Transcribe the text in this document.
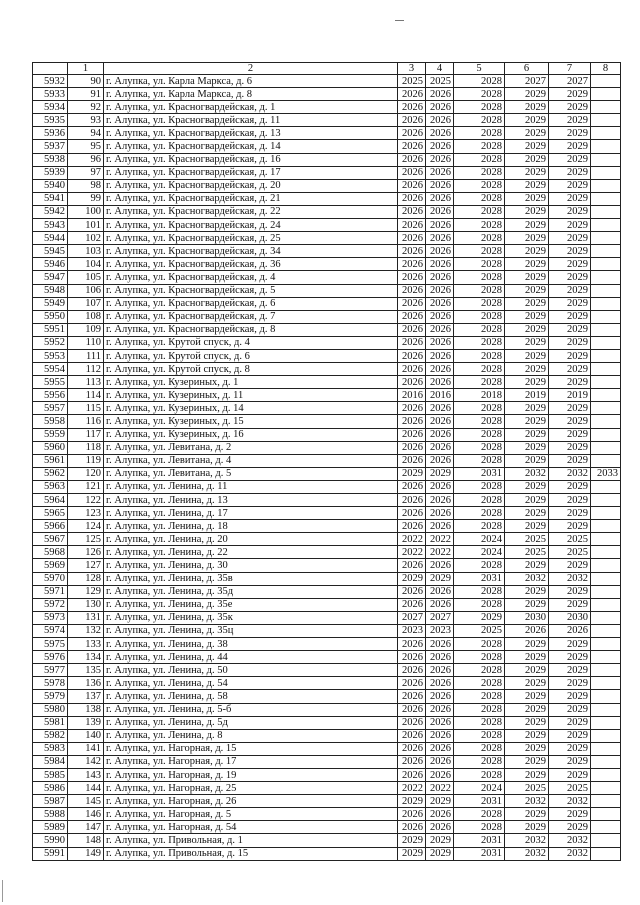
	1	2	3	4	5	6	7	8
5932	90	г. Алупка, ул. Карла Маркса, д. 6	2025	2025	2028	2027	2027	
5933	91	г. Алупка, ул. Карла Маркса, д. 8	2026	2026	2028	2029	2029	
5934	92	г. Алупка, ул. Красногвардейская, д. 1	2026	2026	2028	2029	2029	
5935	93	г. Алупка, ул. Красногвардейская, д. 11	2026	2026	2028	2029	2029	
5936	94	г. Алупка, ул. Красногвардейская, д. 13	2026	2026	2028	2029	2029	
5937	95	г. Алупка, ул. Красногвардейская, д. 14	2026	2026	2028	2029	2029	
5938	96	г. Алупка, ул. Красногвардейская, д. 16	2026	2026	2028	2029	2029	
5939	97	г. Алупка, ул. Красногвардейская, д. 17	2026	2026	2028	2029	2029	
5940	98	г. Алупка, ул. Красногвардейская, д. 20	2026	2026	2028	2029	2029	
5941	99	г. Алупка, ул. Красногвардейская, д. 21	2026	2026	2028	2029	2029	
5942	100	г. Алупка, ул. Красногвардейская, д. 22	2026	2026	2028	2029	2029	
5943	101	г. Алупка, ул. Красногвардейская, д. 24	2026	2026	2028	2029	2029	
5944	102	г. Алупка, ул. Красногвардейская, д. 25	2026	2026	2028	2029	2029	
5945	103	г. Алупка, ул. Красногвардейская, д. 34	2026	2026	2028	2029	2029	
5946	104	г. Алупка, ул. Красногвардейская, д. 36	2026	2026	2028	2029	2029	
5947	105	г. Алупка, ул. Красногвардейская, д. 4	2026	2026	2028	2029	2029	
5948	106	г. Алупка, ул. Красногвардейская, д. 5	2026	2026	2028	2029	2029	
5949	107	г. Алупка, ул. Красногвардейская, д. 6	2026	2026	2028	2029	2029	
5950	108	г. Алупка, ул. Красногвардейская, д. 7	2026	2026	2028	2029	2029	
5951	109	г. Алупка, ул. Красногвардейская, д. 8	2026	2026	2028	2029	2029	
5952	110	г. Алупка, ул. Крутой спуск, д. 4	2026	2026	2028	2029	2029	
5953	111	г. Алупка, ул. Крутой спуск, д. 6	2026	2026	2028	2029	2029	
5954	112	г. Алупка, ул. Крутой спуск, д. 8	2026	2026	2028	2029	2029	
5955	113	г. Алупка, ул. Кузериных, д. 1	2026	2026	2028	2029	2029	
5956	114	г. Алупка, ул. Кузериных, д. 11	2016	2016	2018	2019	2019	
5957	115	г. Алупка, ул. Кузериных, д. 14	2026	2026	2028	2029	2029	
5958	116	г. Алупка, ул. Кузериных, д. 15	2026	2026	2028	2029	2029	
5959	117	г. Алупка, ул. Кузериных, д. 16	2026	2026	2028	2029	2029	
5960	118	г. Алупка, ул. Левитана, д. 2	2026	2026	2028	2029	2029	
5961	119	г. Алупка, ул. Левитана, д. 4	2026	2026	2028	2029	2029	
5962	120	г. Алупка, ул. Левитана, д. 5	2029	2029	2031	2032	2032	2033
5963	121	г. Алупка, ул. Ленина, д. 11	2026	2026	2028	2029	2029	
5964	122	г. Алупка, ул. Ленина, д. 13	2026	2026	2028	2029	2029	
5965	123	г. Алупка, ул. Ленина, д. 17	2026	2026	2028	2029	2029	
5966	124	г. Алупка, ул. Ленина, д. 18	2026	2026	2028	2029	2029	
5967	125	г. Алупка, ул. Ленина, д. 20	2022	2022	2024	2025	2025	
5968	126	г. Алупка, ул. Ленина, д. 22	2022	2022	2024	2025	2025	
5969	127	г. Алупка, ул. Ленина, д. 30	2026	2026	2028	2029	2029	
5970	128	г. Алупка, ул. Ленина, д. 35в	2029	2029	2031	2032	2032	
5971	129	г. Алупка, ул. Ленина, д. 35д	2026	2026	2028	2029	2029	
5972	130	г. Алупка, ул. Ленина, д. 35е	2026	2026	2028	2029	2029	
5973	131	г. Алупка, ул. Ленина, д. 35к	2027	2027	2029	2030	2030	
5974	132	г. Алупка, ул. Ленина, д. 35ц	2023	2023	2025	2026	2026	
5975	133	г. Алупка, ул. Ленина, д. 38	2026	2026	2028	2029	2029	
5976	134	г. Алупка, ул. Ленина, д. 44	2026	2026	2028	2029	2029	
5977	135	г. Алупка, ул. Ленина, д. 50	2026	2026	2028	2029	2029	
5978	136	г. Алупка, ул. Ленина, д. 54	2026	2026	2028	2029	2029	
5979	137	г. Алупка, ул. Ленина, д. 58	2026	2026	2028	2029	2029	
5980	138	г. Алупка, ул. Ленина, д. 5-б	2026	2026	2028	2029	2029	
5981	139	г. Алупка, ул. Ленина, д. 5д	2026	2026	2028	2029	2029	
5982	140	г. Алупка, ул. Ленина, д. 8	2026	2026	2028	2029	2029	
5983	141	г. Алупка, ул. Нагорная, д. 15	2026	2026	2028	2029	2029	
5984	142	г. Алупка, ул. Нагорная, д. 17	2026	2026	2028	2029	2029	
5985	143	г. Алупка, ул. Нагорная, д. 19	2026	2026	2028	2029	2029	
5986	144	г. Алупка, ул. Нагорная, д. 25	2022	2022	2024	2025	2025	
5987	145	г. Алупка, ул. Нагорная, д. 26	2029	2029	2031	2032	2032	
5988	146	г. Алупка, ул. Нагорная, д. 5	2026	2026	2028	2029	2029	
5989	147	г. Алупка, ул. Нагорная, д. 54	2026	2026	2028	2029	2029	
5990	148	г. Алупка, ул. Привольная, д. 1	2029	2029	2031	2032	2032	
5991	149	г. Алупка, ул. Привольная, д. 15	2029	2029	2031	2032	2032	
